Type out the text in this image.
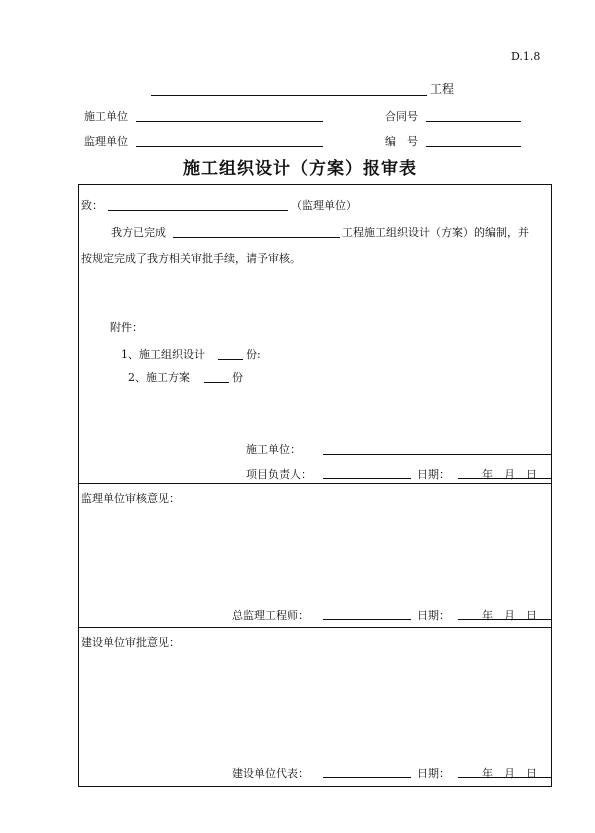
D.1.8
工程
施工单位	合同号
监理单位	编　号
施工组织设计（方案）报审表
致：	（监理单位）
我方已完成	工程施工组织设计（方案）的编制，并
按规定完成了我方相关审批手续，请予审核。
附件：
1、施工组织设计	份:
2、施工方案	份
施工单位：
项目负责人：	日期：	年　月　日
监理单位审核意见：
总监理工程师：	日期：	年　月　日
建设单位审批意见：
建设单位代表：	日期：	年　月　日
